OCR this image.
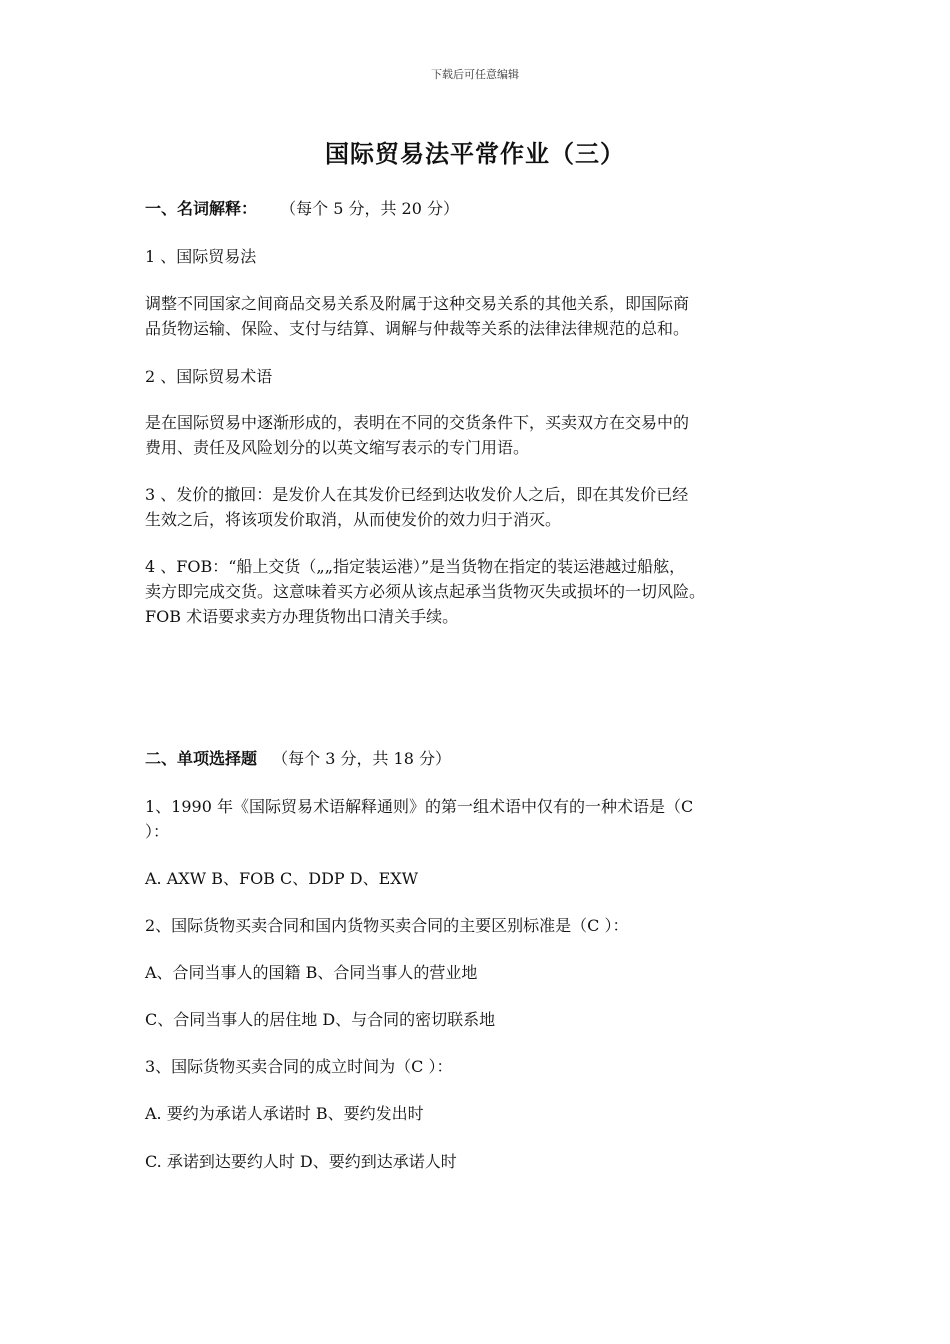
下载后可任意编辑
国际贸易法平常作业（三）
一、名词解释： （每个 5 分，共 20 分）

1 、国际贸易法

调整不同国家之间商品交易关系及附属于这种交易关系的其他关系，即国际商

品货物运输、保险、支付与结算、调解与仲裁等关系的法律法律规范的总和。

2 、国际贸易术语

是在国际贸易中逐渐形成的，表明在不同的交货条件下，买卖双方在交易中的

费用、责任及风险划分的以英文缩写表示的专门用语。

3 、发价的撤回：是发价人在其发价已经到达收发价人之后，即在其发价已经

生效之后，将该项发价取消，从而使发价的效力归于消灭。

4 、FOB：“船上交货（„„指定装运港）”是当货物在指定的装运港越过船舷，

卖方即完成交货。这意味着买方必须从该点起承当货物灭失或损坏的一切风险。

FOB 术语要求卖方办理货物出口清关手续。

二、单项选择题 （每个 3 分，共 18 分）

1、1990 年《国际贸易术语解释通则》的第一组术语中仅有的一种术语是（C

）：

A. AXW B、FOB C、DDP D、EXW

2、国际货物买卖合同和国内货物买卖合同的主要区别标准是（C ）：

A、合同当事人的国籍 B、合同当事人的营业地

C、合同当事人的居住地 D、与合同的密切联系地

3、国际货物买卖合同的成立时间为（C ）：

A. 要约为承诺人承诺时 B、要约发出时

C. 承诺到达要约人时 D、要约到达承诺人时
